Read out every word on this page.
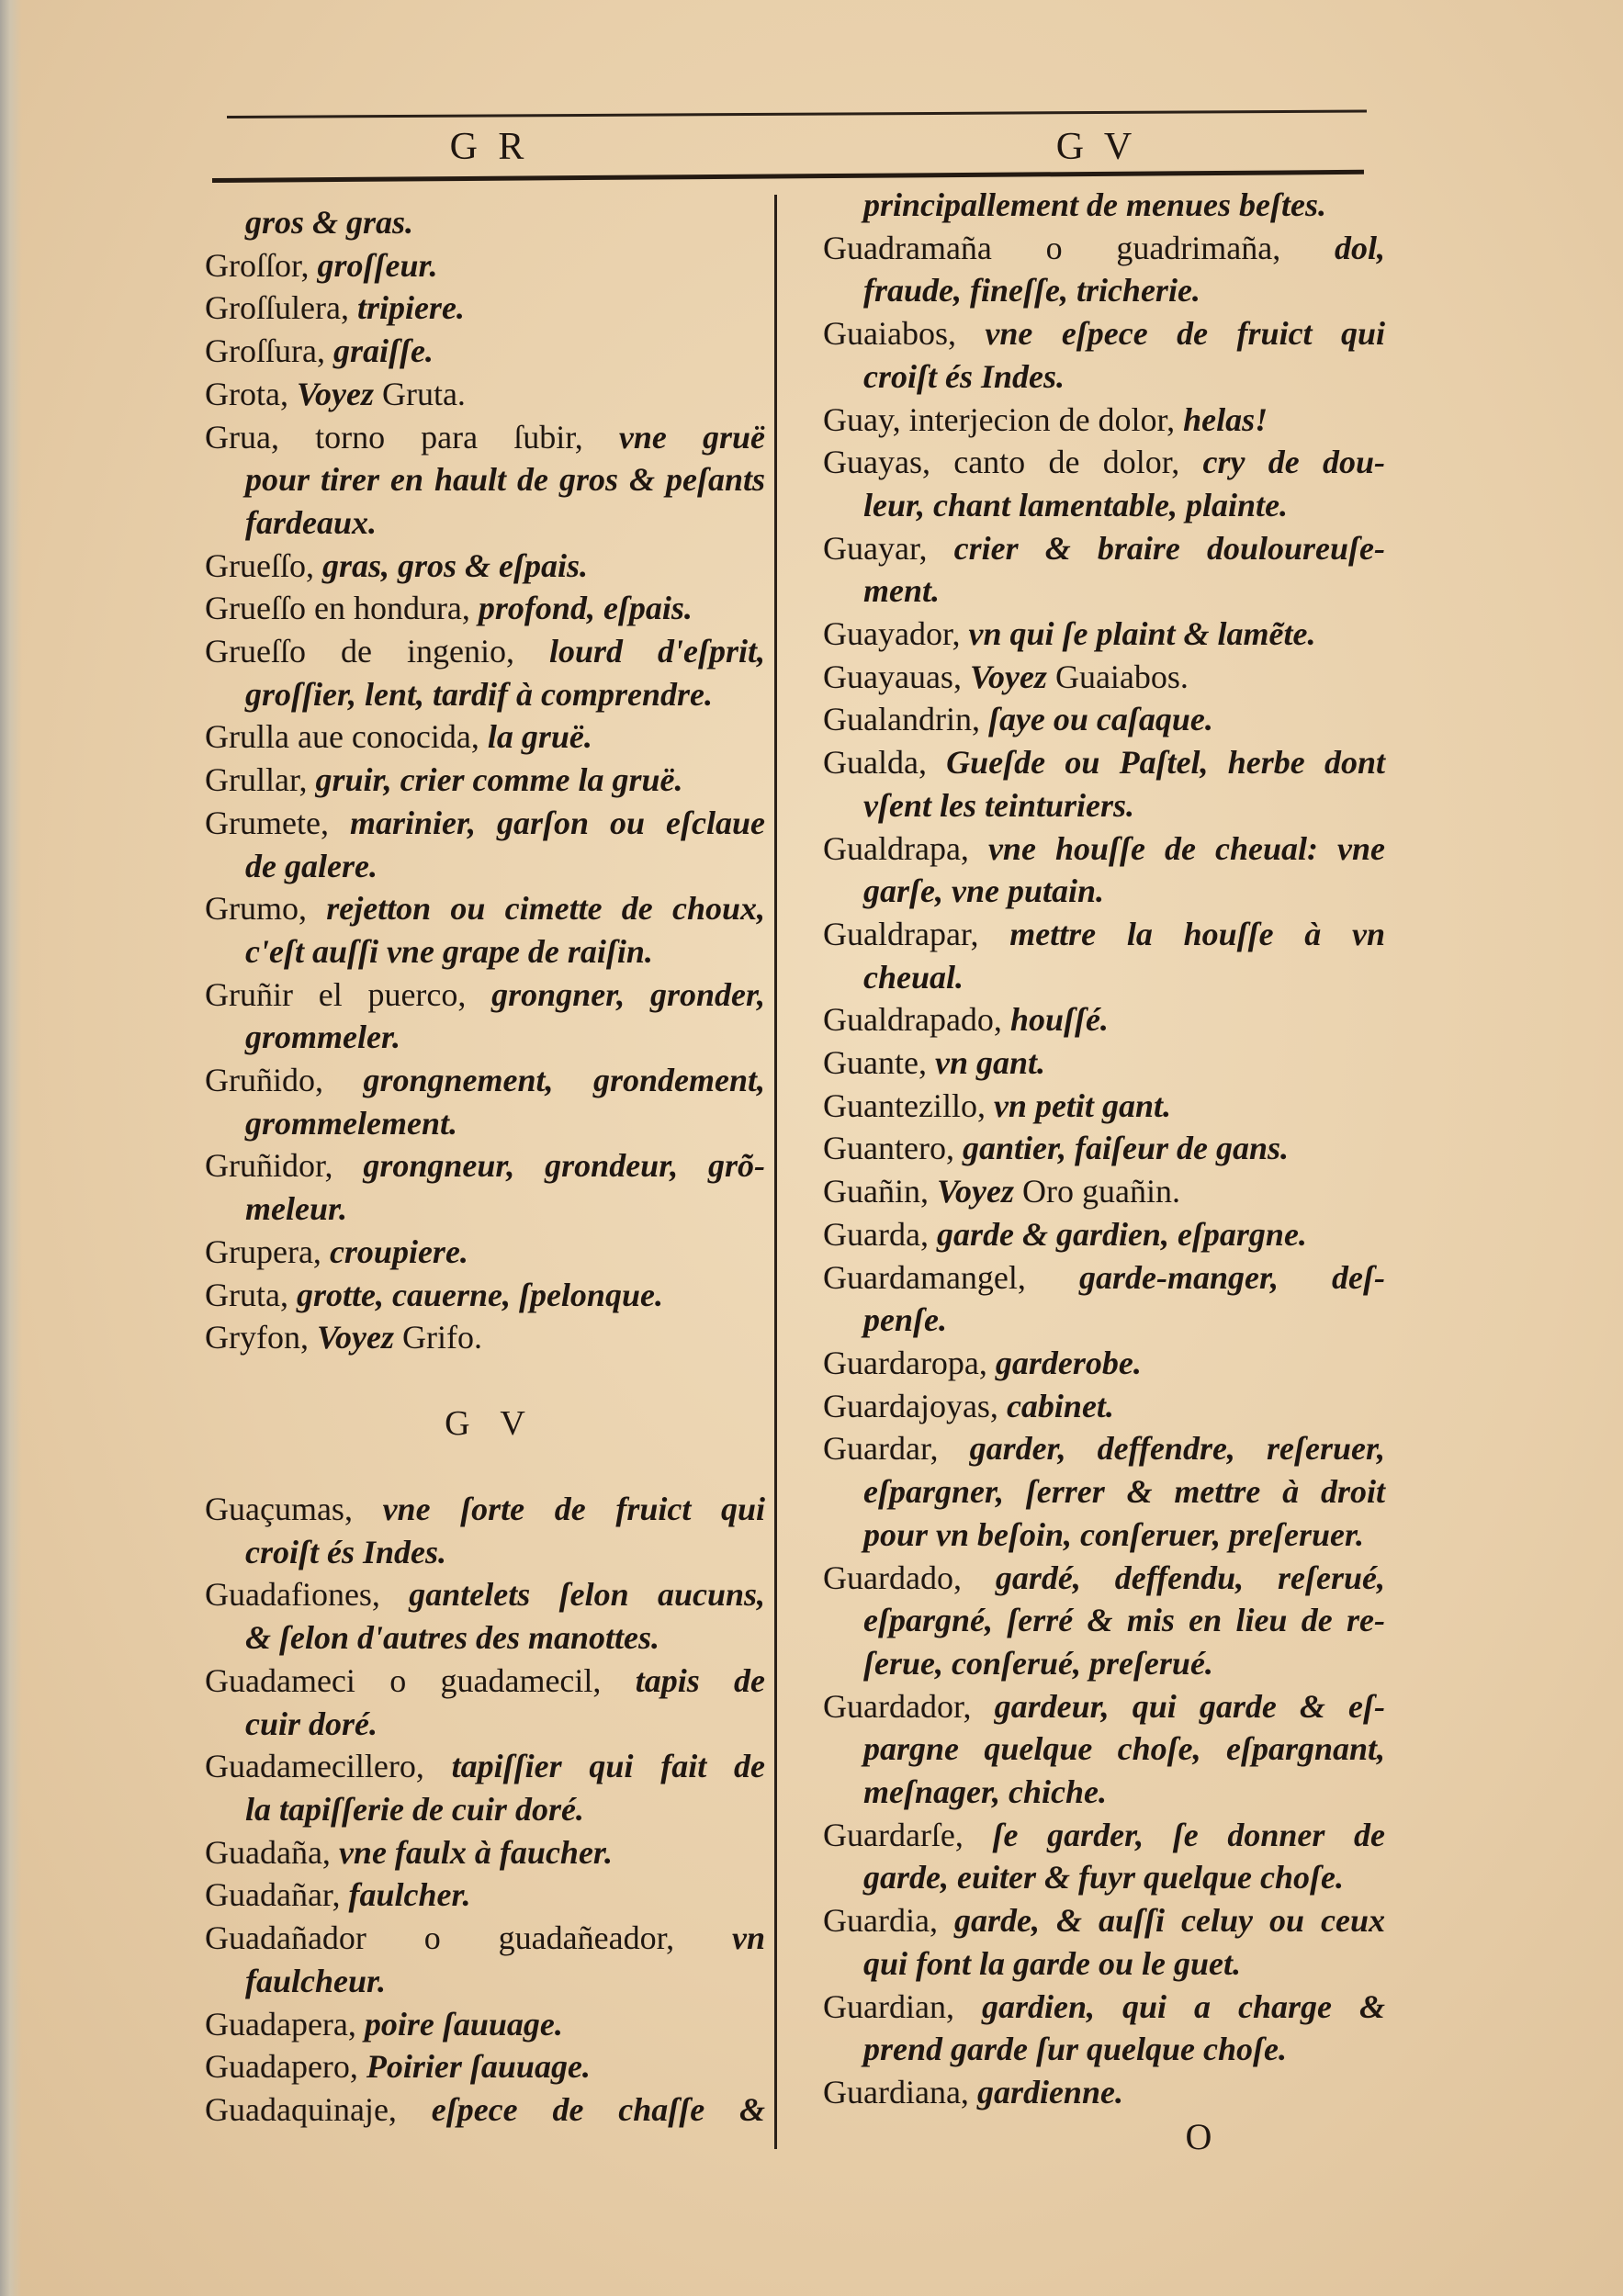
G R	G V
gros & gras.
Groſſor, groſſeur.
Groſſulera, tripiere.
Groſſura, graiſſe.
Grota, Voyez Gruta.
Grua, torno para ſubir, vne gruë
pour tirer en hault de gros & peſants
fardeaux.
Grueſſo, gras, gros & eſpais.
Grueſſo en hondura, profond, eſpais.
Grueſſo de ingenio, lourd d'eſprit,
groſſier, lent, tardif à comprendre.
Grulla aue conocida, la gruë.
Grullar, gruir, crier comme la gruë.
Grumete, marinier, garſon ou eſclaue
de galere.
Grumo, rejetton ou cimette de choux,
c'eſt auſſi vne grape de raiſin.
Gruñir el puerco, grongner, gronder,
grommeler.
Gruñido, grongnement, grondement,
grommelement.
Gruñidor, grongneur, grondeur, grõ-
meleur.
Grupera, croupiere.
Gruta, grotte, cauerne, ſpelonque.
Gryfon, Voyez Grifo.
G V
Guaçumas, vne ſorte de fruict qui
croiſt és Indes.
Guadafiones, gantelets ſelon aucuns,
& ſelon d'autres des manottes.
Guadameci o guadamecil, tapis de
cuir doré.
Guadamecillero, tapiſſier qui fait de
la tapiſſerie de cuir doré.
Guadaña, vne faulx à faucher.
Guadañar, faulcher.
Guadañador o guadañeador, vn
faulcheur.
Guadapera, poire ſauuage.
Guadapero, Poirier ſauuage.
Guadaquinaje, eſpece de chaſſe &
principallement de menues beſtes.
Guadramaña o guadrimaña, dol,
fraude, fineſſe, tricherie.
Guaiabos, vne eſpece de fruict qui
croiſt és Indes.
Guay, interjecion de dolor, helas!
Guayas, canto de dolor, cry de dou-
leur, chant lamentable, plainte.
Guayar, crier & braire douloureuſe-
ment.
Guayador, vn qui ſe plaint & lamẽte.
Guayauas, Voyez Guaiabos.
Gualandrin, ſaye ou caſaque.
Gualda, Gueſde ou Paſtel, herbe dont
vſent les teinturiers.
Gualdrapa, vne houſſe de cheual: vne
garſe, vne putain.
Gualdrapar, mettre la houſſe à vn
cheual.
Gualdrapado, houſſé.
Guante, vn gant.
Guantezillo, vn petit gant.
Guantero, gantier, faiſeur de gans.
Guañin, Voyez Oro guañin.
Guarda, garde & gardien, eſpargne.
Guardamangel, garde-manger, deſ-
penſe.
Guardaropa, garderobe.
Guardajoyas, cabinet.
Guardar, garder, deffendre, reſeruer,
eſpargner, ſerrer & mettre à droit
pour vn beſoin, conſeruer, preſeruer.
Guardado, gardé, deffendu, reſerué,
eſpargné, ſerré & mis en lieu de re-
ſerue, conſerué, preſerué.
Guardador, gardeur, qui garde & eſ-
pargne quelque choſe, eſpargnant,
meſnager, chiche.
Guardarſe, ſe garder, ſe donner de
garde, euiter & fuyr quelque choſe.
Guardia, garde, & auſſi celuy ou ceux
qui font la garde ou le guet.
Guardian, gardien, qui a charge &
prend garde ſur quelque choſe.
Guardiana, gardienne.
O
